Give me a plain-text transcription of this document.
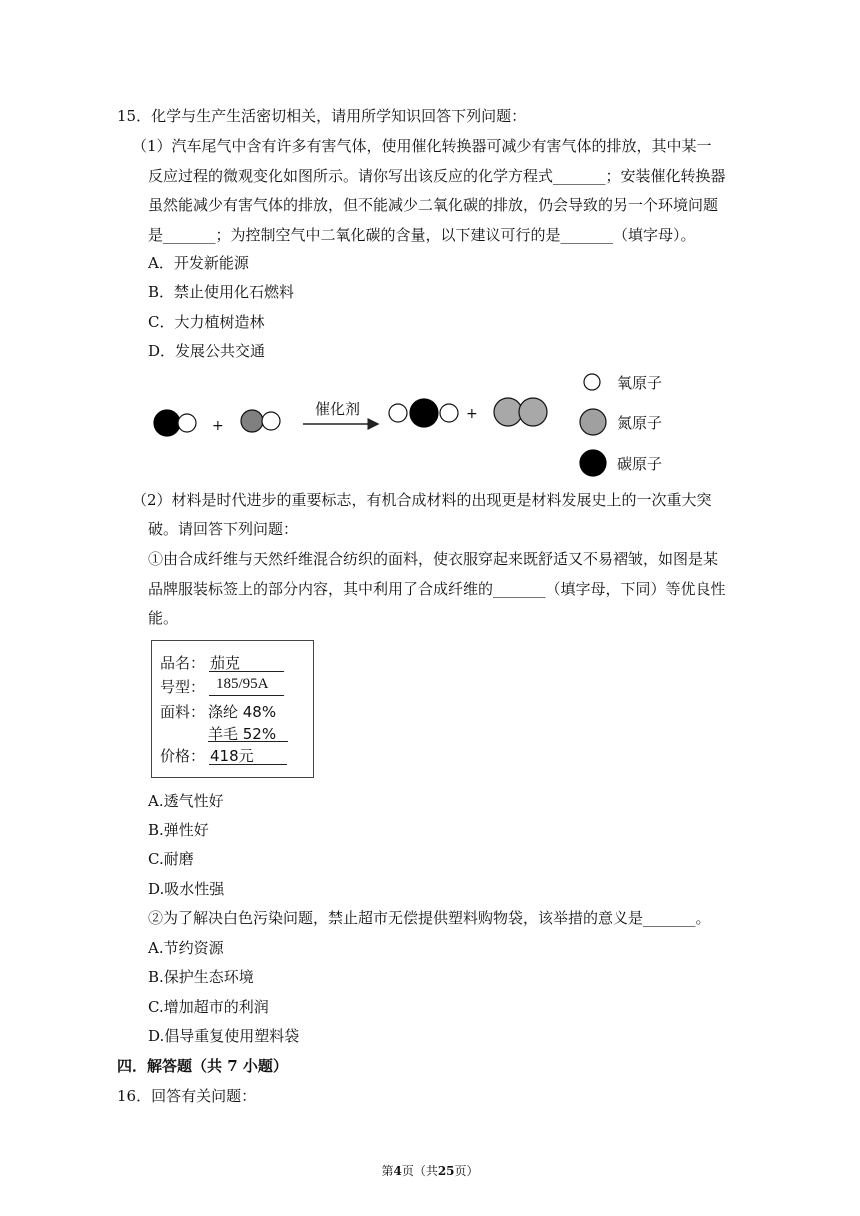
15．化学与生产生活密切相关，请用所学知识回答下列问题：
（1）汽车尾气中含有许多有害气体，使用催化转换器可减少有害气体的排放，其中某一
反应过程的微观变化如图所示。请你写出该反应的化学方程式_______；安装催化转换器
虽然能减少有害气体的排放，但不能减少二氧化碳的排放，仍会导致的另一个环境问题
是_______；为控制空气中二氧化碳的含量，以下建议可行的是_______（填字母）。
A．开发新能源
B．禁止使用化石燃料
C．大力植树造林
D．发展公共交通
+
催化剂	+
氧原子
氮原子
碳原子
（2）材料是时代进步的重要标志，有机合成材料的出现更是材料发展史上的一次重大突
破。请回答下列问题：
①由合成纤维与天然纤维混合纺织的面料，使衣服穿起来既舒适又不易褶皱，如图是某
品牌服装标签上的部分内容，其中利用了合成纤维的_______（填字母，下同）等优良性
能。
品名： 茄克
号型： 185/95A
面料： 涤纶 48%
羊毛 52%
价格： 418元
A.透气性好
B.弹性好
C.耐磨
D.吸水性强
②为了解决白色污染问题，禁止超市无偿提供塑料购物袋，该举措的意义是_______。
A.节约资源
B.保护生态环境
C.增加超市的利润
D.倡导重复使用塑料袋
四．解答题（共 7 小题）
16．回答有关问题：
第4页（共25页）
